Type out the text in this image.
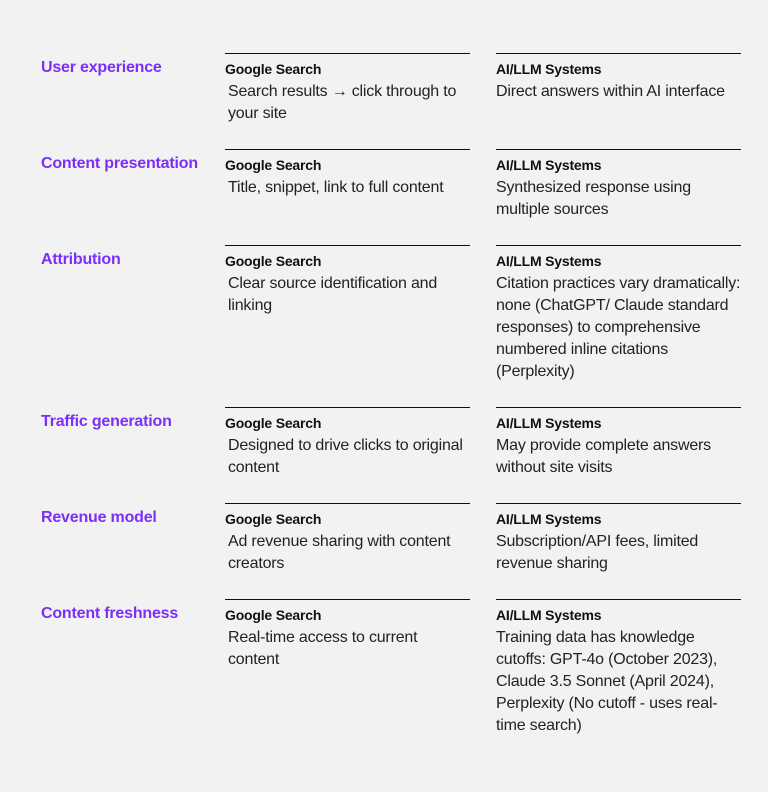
User experience	Google Search
Search results → click through to your site
AI/LLM Systems
Direct answers within AI interface
Content presentation Google Search
Title, snippet, link to full content
AI/LLM Systems
Synthesized response using multiple sources
Attribution	Google Search
Clear source identification and linking
AI/LLM Systems
Citation practices vary dramatically: none (ChatGPT/ Claude standard responses) to comprehensive numbered inline citations (Perplexity)
Traffic generation	Google Search
Designed to drive clicks to original content
AI/LLM Systems
May provide complete answers without site visits
Revenue model	Google Search
Ad revenue sharing with content creators
AI/LLM Systems
Subscription/API fees, limited revenue sharing
Content freshness	Google Search
Real-time access to current content
AI/LLM Systems
Training data has knowledge cutoffs: GPT-4o (October 2023), Claude 3.5 Sonnet (April 2024), Perplexity (No cutoff - uses real-time search)
